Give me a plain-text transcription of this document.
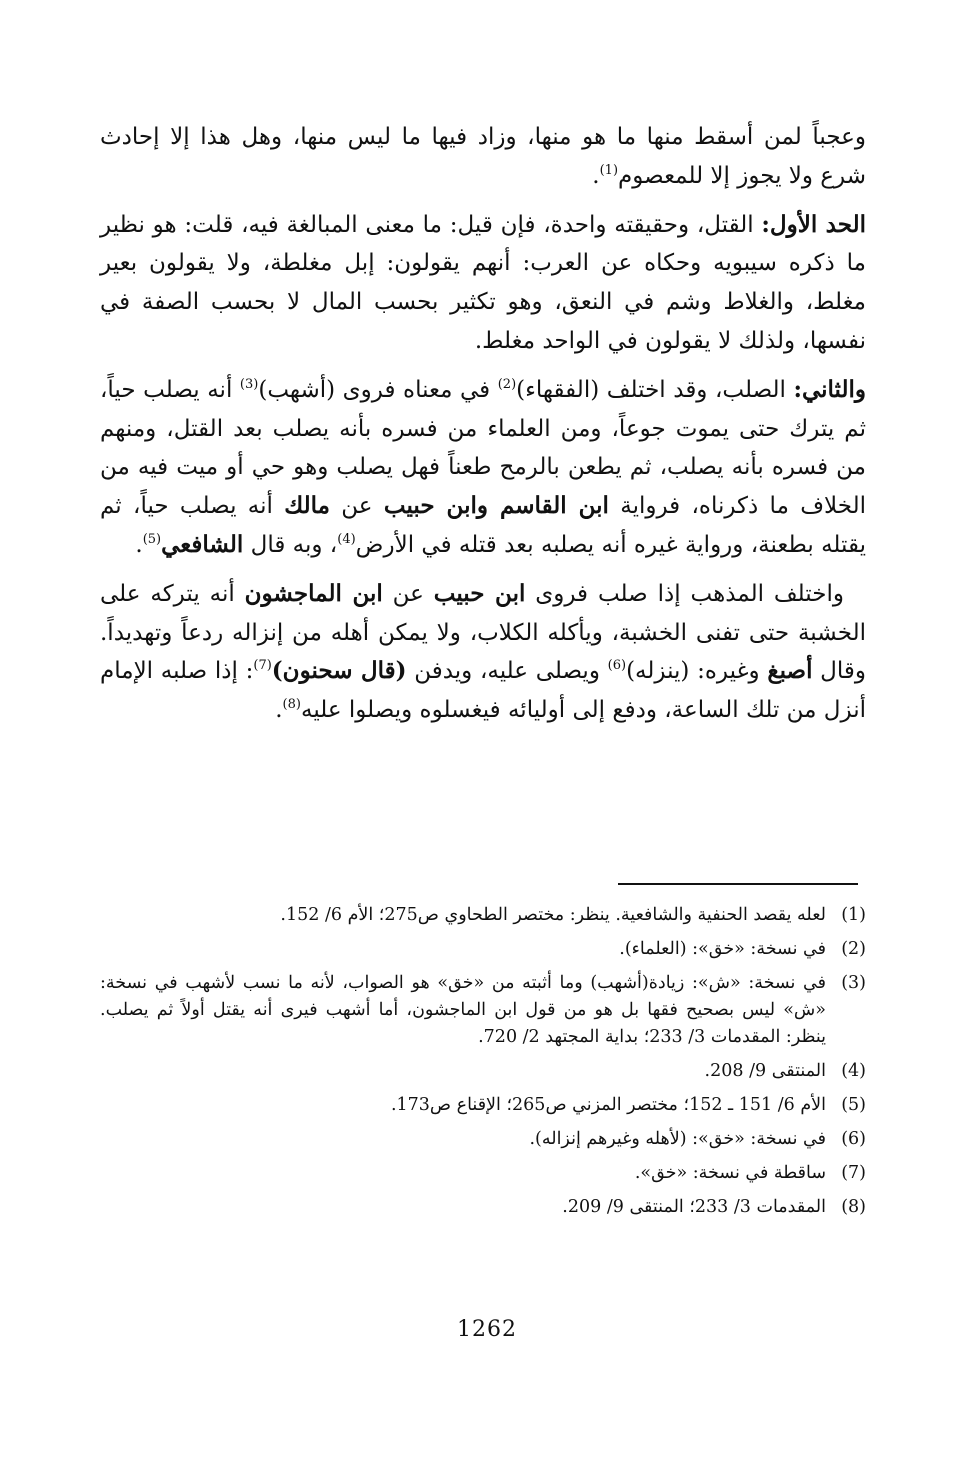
وعجباً لمن أسقط منها ما هو منها، وزاد فيها ما ليس منها، وهل هذا إلا إحادث شرع ولا يجوز إلا للمعصوم$^{(1)}$.

الحد الأول: القتل، وحقيقته واحدة، فإن قيل: ما معنى المبالغة فيه، قلت: هو نظير ما ذكره سيبويه وحكاه عن العرب: أنهم يقولون: إبل مغلطة، ولا يقولون بعير مغلط، والغلاط وشم في النعق، وهو تكثير بحسب المال لا بحسب الصفة في نفسها، ولذلك لا يقولون في الواحد مغلط.

والثاني: الصلب، وقد اختلف (الفقهاء)$^{(2)}$ في معناه فروى (أشهب)$^{(3)}$ أنه يصلب حياً، ثم يترك حتى يموت جوعاً، ومن العلماء من فسره بأنه يصلب بعد القتل، ومنهم من فسره بأنه يصلب، ثم يطعن بالرمح طعناً فهل يصلب وهو حي أو ميت فيه من الخلاف ما ذكرناه، فرواية ابن القاسم وابن حبيب عن مالك أنه يصلب حياً، ثم يقتله بطعنة، ورواية غيره أنه يصلبه بعد قتله في الأرض$^{(4)}$، وبه قال الشافعي$^{(5)}$.

واختلف المذهب إذا صلب فروى ابن حبيب عن ابن الماجشون أنه يتركه على الخشبة حتى تفنى الخشبة، ويأكله الكلاب، ولا يمكن أهله من إنزاله ردعاً وتهديداً. وقال أصبغ وغيره: (ينزله)$^{(6)}$ ويصلى عليه، ويدفن (قال سحنون)$^{(7)}$: إذا صلبه الإمام أنزل من تلك الساعة، ودفع إلى أوليائه فيغسلوه ويصلوا عليه$^{(8)}$.

(1)
لعله يقصد الحنفية والشافعية. ينظر: مختصر الطحاوي ص275؛ الأم 6/ 152.
(2)
في نسخة: «خق»: (العلماء).
(3)
في نسخة: «ش»: زيادة(أشهب) وما أثبته من «خق» هو الصواب، لأنه ما نسب لأشهب في نسخة: «ش» ليس بصحيح فقها بل هو من قول ابن الماجشون، أما أشهب فيرى أنه يقتل أولاً ثم يصلب. ينظر: المقدمات 3/ 233؛ بداية المجتهد 2/ 720.
(4)
المنتقى 9/ 208.
(5)
الأم 6/ 151 ـ 152؛ مختصر المزني ص265؛ الإقناع ص173.
(6)
في نسخة: «خق»: (لأهله وغيرهم إنزاله).
(7)
ساقطة في نسخة: «خق».
(8)
المقدمات 3/ 233؛ المنتقى 9/ 209.
1262
